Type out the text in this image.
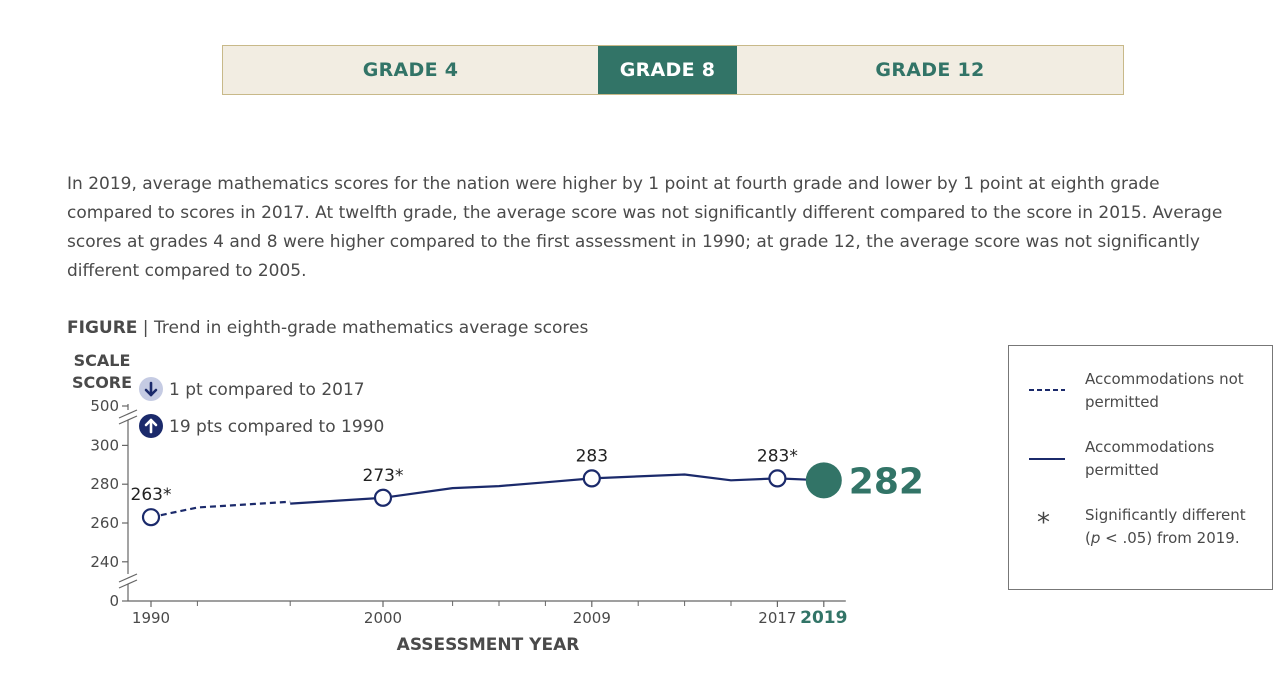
GRADE 4	GRADE 8	GRADE 12

In 2019, average mathematics scores for the nation were higher by 1 point at fourth grade and lower by 1 point at eighth grade compared to scores in 2017. At twelfth grade, the average score was not significantly different compared to the score in 2015. Average scores at grades 4 and 8 were higher compared to the first assessment in 1990; at grade 12, the average score was not significantly different compared to 2005.

FIGURE | Trend in eighth-grade mathematics average scores
0
240
260
280
300
500
SCALE
SCORE
1990	2000	2009	2017 2019
ASSESSMENT YEAR
263*
273*
283	283*
282
1 pt compared to 2017
19 pts compared to 1990
Accommodations not permitted
Accommodations permitted
* Significantly different (p < .05) from 2019.
